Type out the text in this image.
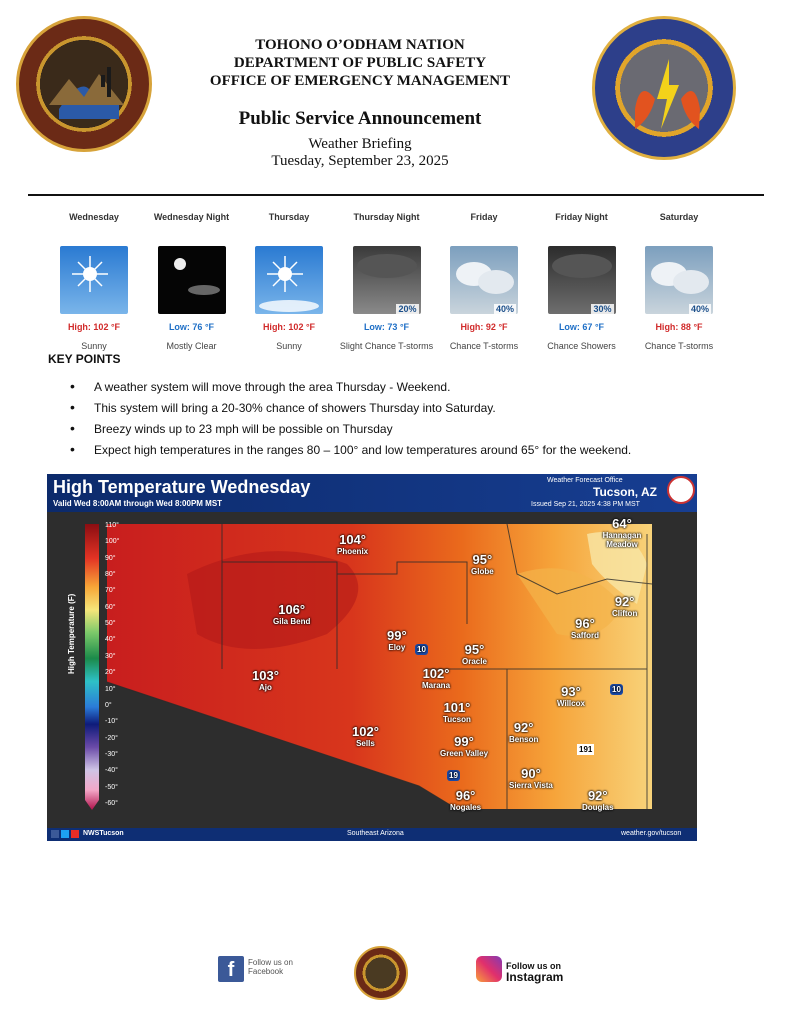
TOHONO O’ODHAM NATION
DEPARTMENT OF PUBLIC SAFETY
OFFICE OF EMERGENCY MANAGEMENT
Public Service Announcement
Weather Briefing
Tuesday, September 23, 2025
Wednesday
High: 102 °F
Sunny
Wednesday Night
Low: 76 °F
Mostly Clear
Thursday
High: 102 °F
Sunny
Thursday Night
20%
Low: 73 °F
Slight Chance T-storms
Friday
40%
High: 92 °F
Chance T-storms
Friday Night
30%
Low: 67 °F
Chance Showers
Saturday
40%
High: 88 °F
Chance T-storms
KEY POINTS
• A weather system will move through the area Thursday - Weekend.
• This system will bring a 20-30% chance of showers Thursday into Saturday.
• Breezy winds up to 23 mph will be possible on Thursday
• Expect high temperatures in the ranges 80 – 100° and low temperatures around 65° for the weekend.
High Temperature Wednesday
Valid Wed 8:00AM through Wed 8:00PM MST
Weather Forecast Office
Tucson, AZ
Issued Sep 21, 2025 4:38 PM MST
110°
100°
90°
80°
70°
60°
50°
40°
30°
20°
10°
0°
-10°
-20°
-30°
-40°
-50°
-60°
High Temperature (F)
104°
Phoenix
95°
Globe
64°
Hannagan Meadow
92°
Clifton
106°
Gila Bend
99°
Eloy	95°
Oracle
96°
Safford
103°
Ajo
102°
Marana	93°
Willcox
101°
Tucson
102°
Sells
92°
Benson
99°
Green Valley
90°
Sierra Vista
96°
Nogales
92°
Douglas
10
10
19
191
NWSTucson	Southeast Arizona	weather.gov/tucson
f	Follow us on Facebook
Follow us on
Instagram
